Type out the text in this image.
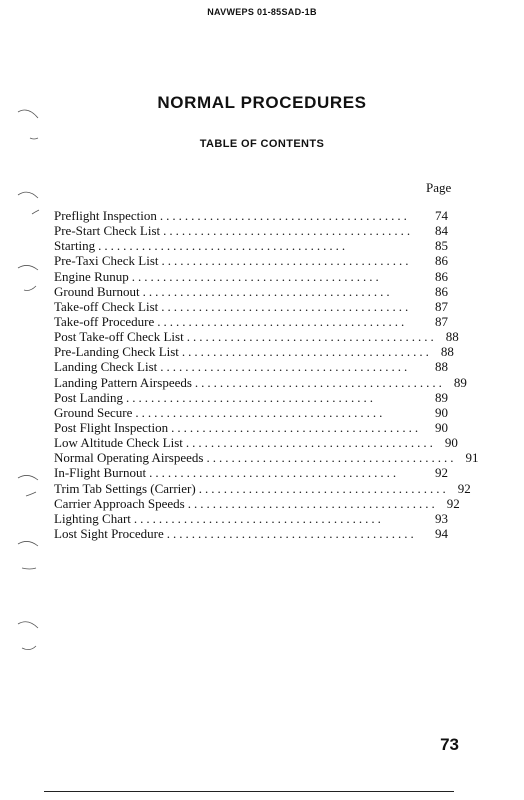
NAVWEPS 01-85SAD-1B
NORMAL PROCEDURES
TABLE OF CONTENTS
Page
Preflight Inspection ........................................	74
Pre-Start Check List ........................................	84
Starting ........................................	85
Pre-Taxi Check List ........................................	86
Engine Runup ........................................	86
Ground Burnout ........................................	86
Take-off Check List ........................................	87
Take-off Procedure ........................................	87
Post Take-off Check List ........................................ 88
Pre-Landing Check List ........................................ 88
Landing Check List ........................................	88
Landing Pattern Airspeeds ........................................ 89
Post Landing ........................................	89
Ground Secure ........................................	90
Post Flight Inspection ........................................	90
Low Altitude Check List ........................................ 90
Normal Operating Airspeeds ........................................ 91
In-Flight Burnout ........................................	92
Trim Tab Settings (Carrier) ........................................ 92
Carrier Approach Speeds ........................................ 92
Lighting Chart ........................................	93
Lost Sight Procedure ........................................	94
73
